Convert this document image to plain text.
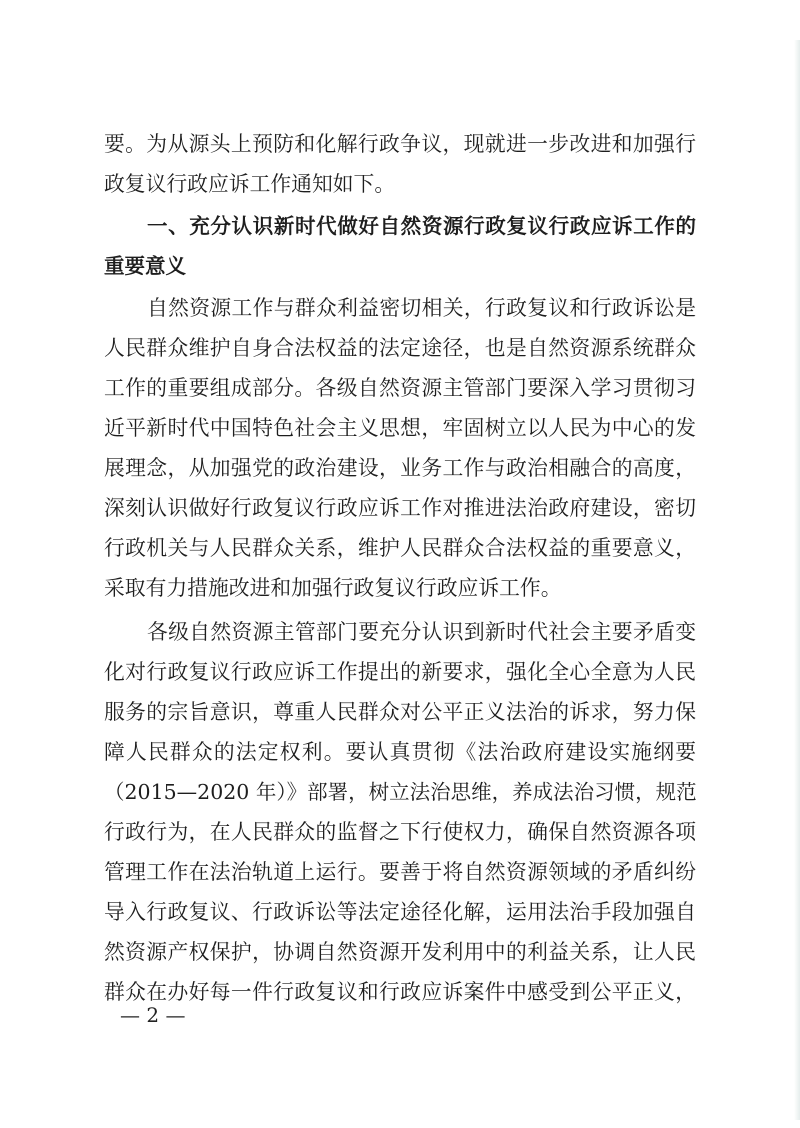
要。为从源头上预防和化解行政争议，现就进一步改进和加强行
政复议行政应诉工作通知如下。
一、充分认识新时代做好自然资源行政复议行政应诉工作的
重要意义
自然资源工作与群众利益密切相关，行政复议和行政诉讼是
人民群众维护自身合法权益的法定途径，也是自然资源系统群众
工作的重要组成部分。各级自然资源主管部门要深入学习贯彻习
近平新时代中国特色社会主义思想，牢固树立以人民为中心的发
展理念，从加强党的政治建设，业务工作与政治相融合的高度，
深刻认识做好行政复议行政应诉工作对推进法治政府建设，密切
行政机关与人民群众关系，维护人民群众合法权益的重要意义，
采取有力措施改进和加强行政复议行政应诉工作。
各级自然资源主管部门要充分认识到新时代社会主要矛盾变
化对行政复议行政应诉工作提出的新要求，强化全心全意为人民
服务的宗旨意识，尊重人民群众对公平正义法治的诉求，努力保
障人民群众的法定权利。要认真贯彻《法治政府建设实施纲要
（2015—2020 年）》部署，树立法治思维，养成法治习惯，规范
行政行为，在人民群众的监督之下行使权力，确保自然资源各项
管理工作在法治轨道上运行。要善于将自然资源领域的矛盾纠纷
导入行政复议、行政诉讼等法定途径化解，运用法治手段加强自
然资源产权保护，协调自然资源开发利用中的利益关系，让人民
群众在办好每一件行政复议和行政应诉案件中感受到公平正义，
— 2 —
